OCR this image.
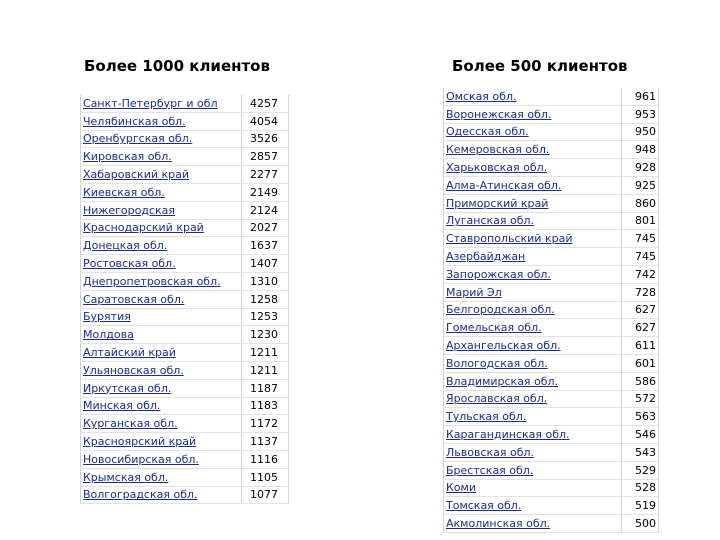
Более 1000 клиентов	Более 500 клиентов
Санкт-Петербург и обл	4257
Челябинская обл.	4054
Оренбургская обл.	3526
Кировская обл.	2857
Хабаровский край	2277
Киевская обл.	2149
Нижегородская	2124
Краснодарский край	2027
Донецкая обл.	1637
Ростовская обл.	1407
Днепропетровская обл.	1310
Саратовская обл.	1258
Бурятия	1253
Молдова	1230
Алтайский край	1211
Ульяновская обл.	1211
Иркутская обл.	1187
Минская обл.	1183
Курганская обл.	1172
Красноярский край	1137
Новосибирская обл.	1116
Крымская обл.	1105
Волгоградская обл.	1077
Омская обл.	961
Воронежская обл.	953
Одесская обл.	950
Кемеровская обл.	948
Харьковская обл.	928
Алма-Атинская обл.	925
Приморский край	860
Луганская обл.	801
Ставропольский край	745
Азербайджан	745
Запорожская обл.	742
Марий Эл	728
Белгородская обл.	627
Гомельская обл.	627
Архангельская обл.	611
Вологодская обл.	601
Владимирская обл.	586
Ярославская обл.	572
Тульская обл.	563
Карагандинская обл.	546
Львовская обл.	543
Брестская обл.	529
Коми	528
Томская обл.	519
Акмолинская обл.	500
